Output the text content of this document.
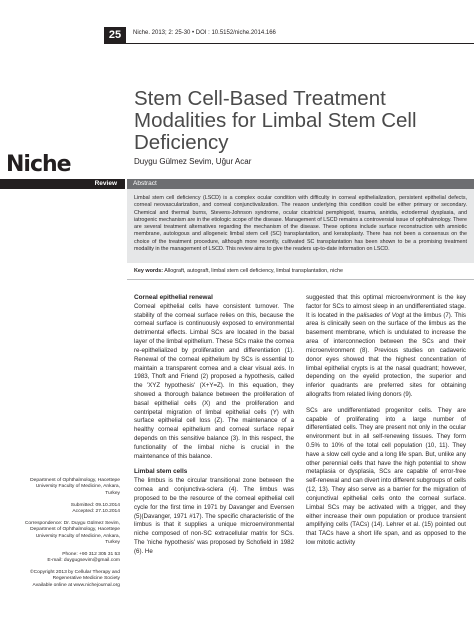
25	Niche. 2013; 2: 25-30 • DOI : 10.5152/niche.2014.166
Stem Cell-Based Treatment
Modalities for Limbal Stem Cell
Deficiency
Duygu Gülmez Sevim, Uğur Acar
Niche
Review	Abstract
Limbal stem cell deficiency (LSCD) is a complex ocular condition with difficulty in corneal epithelialization, persistent epithelial defects, corneal neovascularization, and corneal conjunctivalization. The reason underlying this condition could be either primary or secondary. Chemical and thermal burns, Stevens-Johnson syndrome, ocular cicatricial pemphigoid, trauma, aniridia, ectodermal dysplasia, and iatrogenic mechanism are in the etiologic scope of the disease. Management of LSCD remains a controversial issue of ophthalmology. There are several treatment alternatives regarding the mechanism of the disease. These options include surface reconstruction with amniotic membrane, autologous and allogeneic limbal stem cell (SC) transplantation, and keratoplasty. There has not been a consensus on the choice of the treatment procedure, although more recently, cultivated SC transplantation has been shown to be a promising treatment modality in the management of LSCD. This review aims to give the readers up-to-date information on LSCD.
Key words: Allograft, autograft, limbal stem cell deficiency, limbal transplantation, niche
Department of Ophthalmology, Hacettepe
University Faculty of Medicine, Ankara,
Turkey
Submitted: 09.10.2014
Accepted: 27.10.2014
Correspondence: Dr. Duygu Gülmez Sevim,
Department of Ophthalmology, Hacettepe
University Faculty of Medicine, Ankara,
Turkey
Phone: +90 312 305 31 53
E-mail: duygugsevim@gmail.com
©Copyright 2013 by Cellular Therapy and
Regenerative Medicine Society
Available online at www.nichejournal.org
Corneal epithelial renewal

Corneal epithelial cells have consistent turnover. The stability of the corneal surface relies on this, because the corneal surface is continuously exposed to environmental detrimental effects. Limbal SCs are located in the basal layer of the limbal epithelium. These SCs make the cornea re-epithelialized by proliferation and differentiation (1). Renewal of the corneal epithelium by SCs is essential to maintain a transparent cornea and a clear visual axis. In 1983, Thoft and Friend (2) proposed a hypothesis, called the 'XYZ hypothesis' (X+Y=Z). In this equation, they showed a thorough balance between the proliferation of basal epithelial cells (X) and the proliferation and centripetal migration of limbal epithelial cells (Y) with surface epithelial cell loss (Z). The maintenance of a healthy corneal epithelium and corneal surface repair depends on this sensitive balance (3). In this respect, the functionality of the limbal niche is crucial in the maintenance of this balance.

Limbal stem cells

The limbus is the circular transitional zone between the cornea and conjunctiva-sclera (4). The limbus was proposed to be the resource of the corneal epithelial cell cycle for the first time in 1971 by Davanger and Evensen (5)(Davanger, 1971 #17). The specific characteristic of the limbus is that it supplies a unique microenvironmental niche composed of non-SC extracellular matrix for SCs. The 'niche hypothesis' was proposed by Schofield in 1982 (6). He

suggested that this optimal microenvironment is the key factor for SCs to almost sleep in an undifferentiated stage. It is located in the palisades of Vogt at the limbus (7). This area is clinically seen on the surface of the limbus as the basement membrane, which is undulated to increase the area of interconnection between the SCs and their microenvironment (8). Previous studies on cadaveric donor eyes showed that the highest concentration of limbal epithelial crypts is at the nasal quadrant; however, depending on the eyelid protection, the superior and inferior quadrants are preferred sites for obtaining allografts from related living donors (9).

SCs are undifferentiated progenitor cells. They are capable of proliferating into a large number of differentiated cells. They are present not only in the ocular environment but in all self-renewing tissues. They form 0.5% to 10% of the total cell population (10, 11). They have a slow cell cycle and a long life span. But, unlike any other perennial cells that have the high potential to show metaplasia or dysplasia, SCs are capable of error-free self-renewal and can divert into different subgroups of cells (12, 13). They also serve as a barrier for the migration of conjunctival epithelial cells onto the corneal surface. Limbal SCs may be activated with a trigger, and they either increase their own population or produce transient amplifying cells (TACs) (14). Lehrer et al. (15) pointed out that TACs have a short life span, and as opposed to the low mitotic activity
